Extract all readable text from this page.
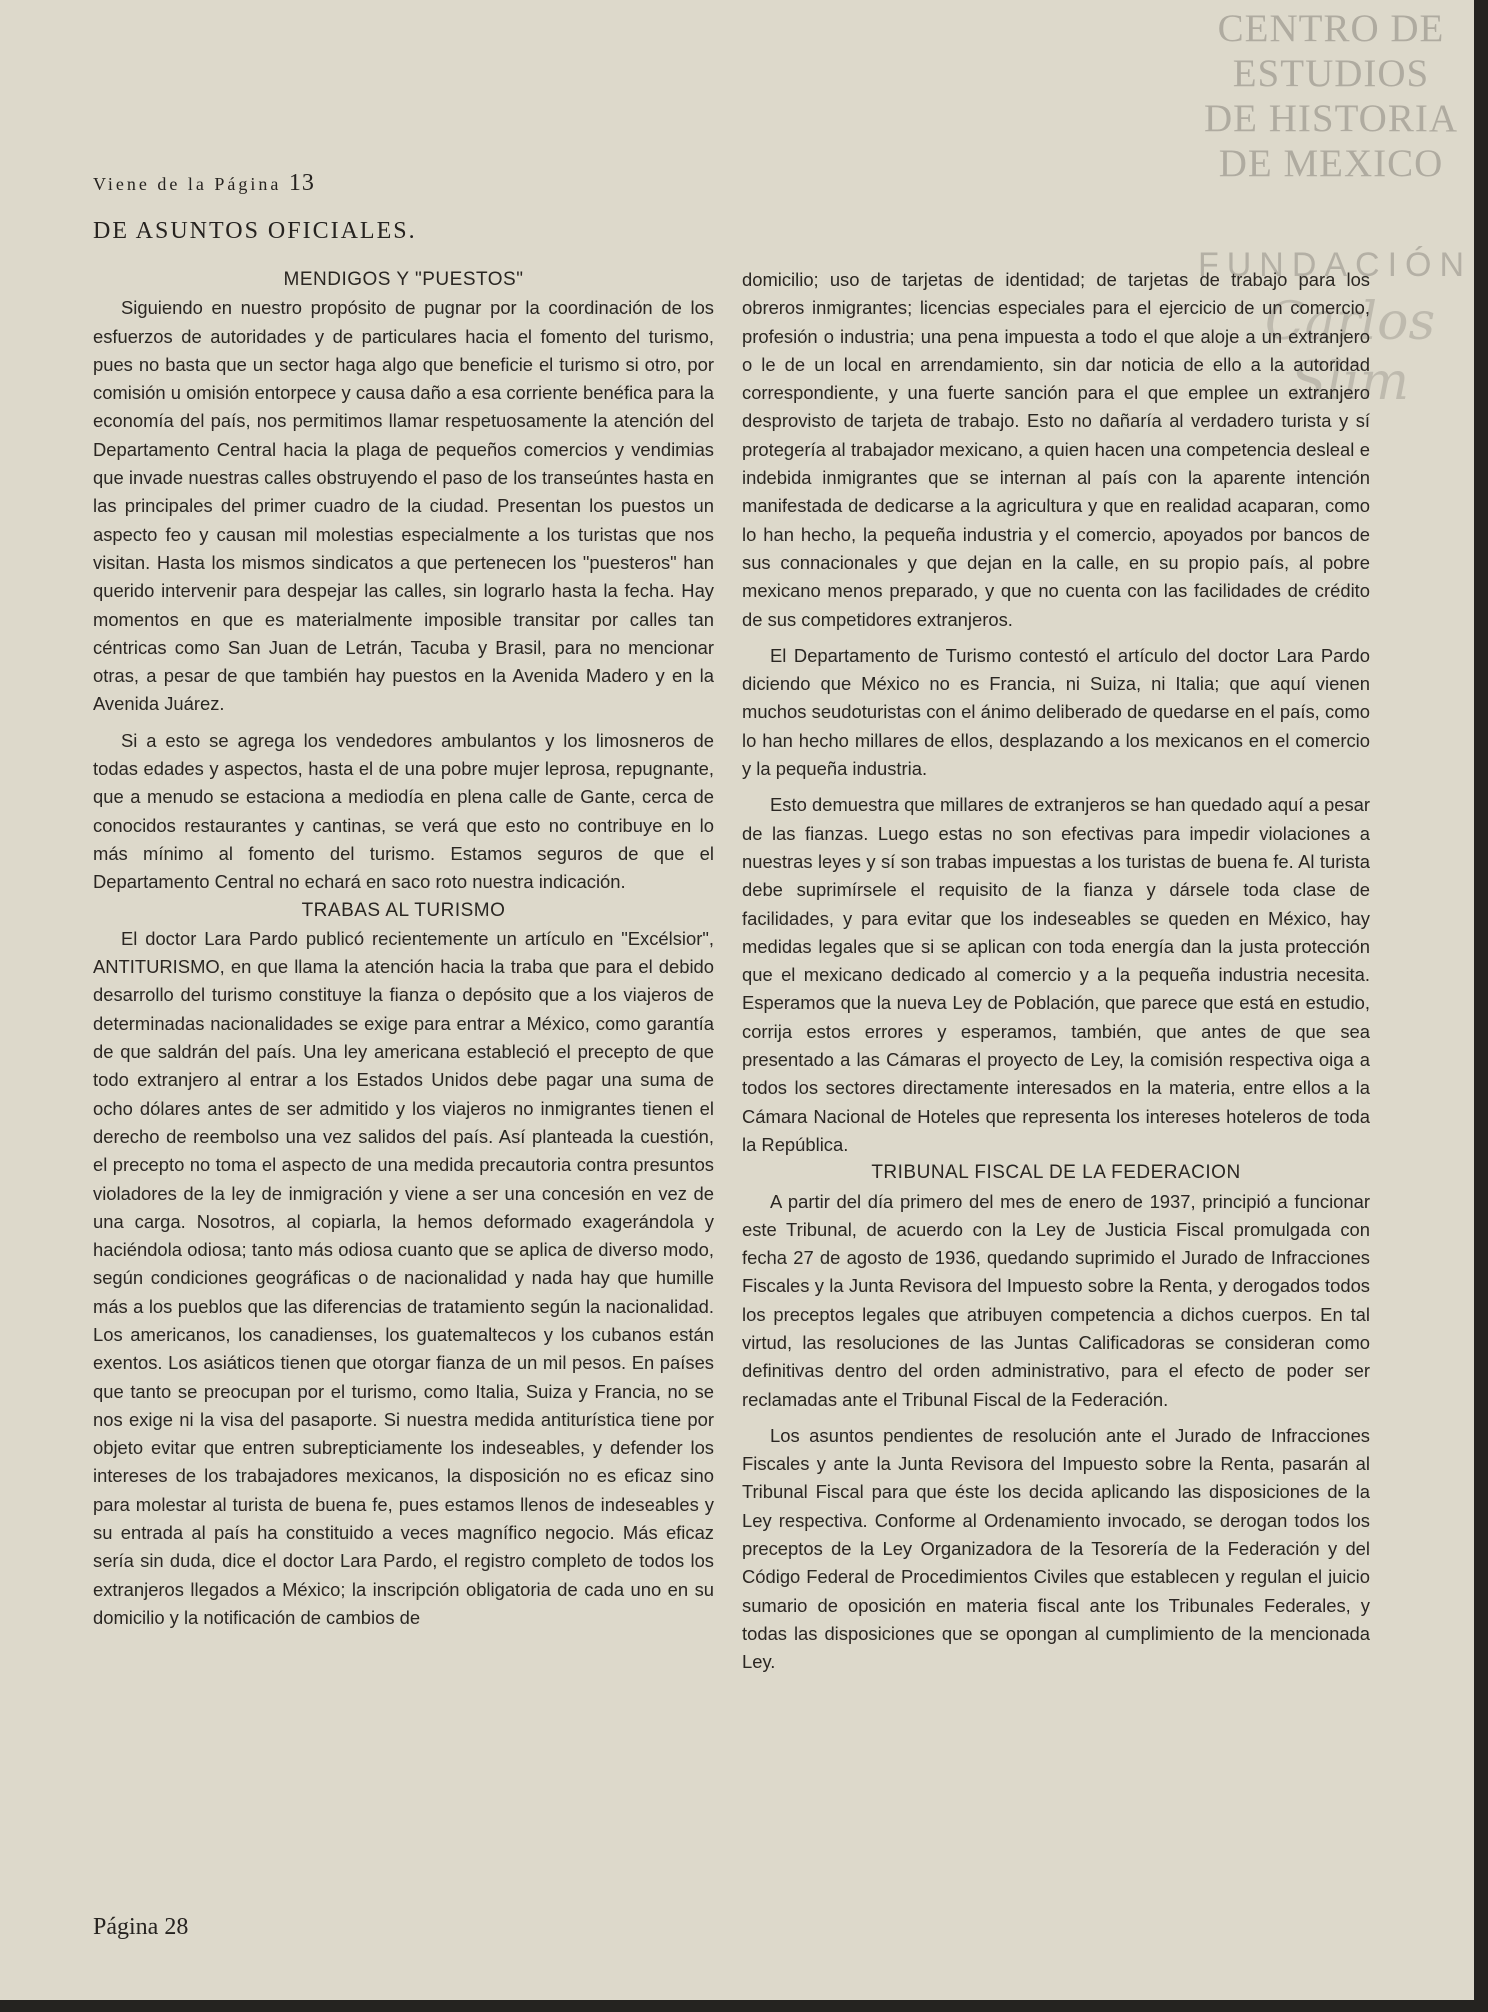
CENTRO DE
ESTUDIOS
DE HISTORIA
DE MEXICO
FUNDACIÓN
Carlos Slim
Viene de la Página 13
DE ASUNTOS OFICIALES.
MENDIGOS Y "PUESTOS"

Siguiendo en nuestro propósito de pugnar por la coordinación de los esfuerzos de autoridades y de particulares hacia el fomento del turismo, pues no basta que un sector haga algo que beneficie el turismo si otro, por comisión u omisión entorpece y causa daño a esa corriente benéfica para la economía del país, nos permitimos llamar respetuosamente la atención del Departamento Central hacia la plaga de pequeños comercios y vendimias que invade nuestras calles obstruyendo el paso de los transeúntes hasta en las principales del primer cuadro de la ciudad. Presentan los puestos un aspecto feo y causan mil molestias especialmente a los turistas que nos visitan. Hasta los mismos sindicatos a que pertenecen los "puesteros" han querido intervenir para despejar las calles, sin lograrlo hasta la fecha. Hay momentos en que es materialmente imposible transitar por calles tan céntricas como San Juan de Letrán, Tacuba y Brasil, para no mencionar otras, a pesar de que también hay puestos en la Avenida Madero y en la Avenida Juárez.

Si a esto se agrega los vendedores ambulantos y los limosneros de todas edades y aspectos, hasta el de una pobre mujer leprosa, repugnante, que a menudo se estaciona a mediodía en plena calle de Gante, cerca de conocidos restaurantes y cantinas, se verá que esto no contribuye en lo más mínimo al fomento del turismo. Estamos seguros de que el Departamento Central no echará en saco roto nuestra indicación.

TRABAS AL TURISMO

El doctor Lara Pardo publicó recientemente un artículo en "Excélsior", ANTITURISMO, en que llama la atención hacia la traba que para el debido desarrollo del turismo constituye la fianza o depósito que a los viajeros de determinadas nacionalidades se exige para entrar a México, como garantía de que saldrán del país. Una ley americana estableció el precepto de que todo extranjero al entrar a los Estados Unidos debe pagar una suma de ocho dólares antes de ser admitido y los viajeros no inmigrantes tienen el derecho de reembolso una vez salidos del país. Así planteada la cuestión, el precepto no toma el aspecto de una medida precautoria contra presuntos violadores de la ley de inmigración y viene a ser una concesión en vez de una carga. Nosotros, al copiarla, la hemos deformado exagerándola y haciéndola odiosa; tanto más odiosa cuanto que se aplica de diverso modo, según condiciones geográficas o de nacionalidad y nada hay que humille más a los pueblos que las diferencias de tratamiento según la nacionalidad. Los americanos, los canadienses, los guatemaltecos y los cubanos están exentos. Los asiáticos tienen que otorgar fianza de un mil pesos. En países que tanto se preocupan por el turismo, como Italia, Suiza y Francia, no se nos exige ni la visa del pasaporte. Si nuestra medida antiturística tiene por objeto evitar que entren subrepticiamente los indeseables, y defender los intereses de los trabajadores mexicanos, la disposición no es eficaz sino para molestar al turista de buena fe, pues estamos llenos de indeseables y su entrada al país ha constituido a veces magnífico negocio. Más eficaz sería sin duda, dice el doctor Lara Pardo, el registro completo de todos los extranjeros llegados a México; la inscripción obligatoria de cada uno en su domicilio y la notificación de cambios de

domicilio; uso de tarjetas de identidad; de tarjetas de trabajo para los obreros inmigrantes; licencias especiales para el ejercicio de un comercio, profesión o industria; una pena impuesta a todo el que aloje a un extranjero o le de un local en arrendamiento, sin dar noticia de ello a la autoridad correspondiente, y una fuerte sanción para el que emplee un extranjero desprovisto de tarjeta de trabajo. Esto no dañaría al verdadero turista y sí protegería al trabajador mexicano, a quien hacen una competencia desleal e indebida inmigrantes que se internan al país con la aparente intención manifestada de dedicarse a la agricultura y que en realidad acaparan, como lo han hecho, la pequeña industria y el comercio, apoyados por bancos de sus connacionales y que dejan en la calle, en su propio país, al pobre mexicano menos preparado, y que no cuenta con las facilidades de crédito de sus competidores extranjeros.

El Departamento de Turismo contestó el artículo del doctor Lara Pardo diciendo que México no es Francia, ni Suiza, ni Italia; que aquí vienen muchos seudoturistas con el ánimo deliberado de quedarse en el país, como lo han hecho millares de ellos, desplazando a los mexicanos en el comercio y la pequeña industria.

Esto demuestra que millares de extranjeros se han quedado aquí a pesar de las fianzas. Luego estas no son efectivas para impedir violaciones a nuestras leyes y sí son trabas impuestas a los turistas de buena fe. Al turista debe suprimírsele el requisito de la fianza y dársele toda clase de facilidades, y para evitar que los indeseables se queden en México, hay medidas legales que si se aplican con toda energía dan la justa protección que el mexicano dedicado al comercio y a la pequeña industria necesita. Esperamos que la nueva Ley de Población, que parece que está en estudio, corrija estos errores y esperamos, también, que antes de que sea presentado a las Cámaras el proyecto de Ley, la comisión respectiva oiga a todos los sectores directamente interesados en la materia, entre ellos a la Cámara Nacional de Hoteles que representa los intereses hoteleros de toda la República.

TRIBUNAL FISCAL DE LA FEDERACION

A partir del día primero del mes de enero de 1937, principió a funcionar este Tribunal, de acuerdo con la Ley de Justicia Fiscal promulgada con fecha 27 de agosto de 1936, quedando suprimido el Jurado de Infracciones Fiscales y la Junta Revisora del Impuesto sobre la Renta, y derogados todos los preceptos legales que atribuyen competencia a dichos cuerpos. En tal virtud, las resoluciones de las Juntas Calificadoras se consideran como definitivas dentro del orden administrativo, para el efecto de poder ser reclamadas ante el Tribunal Fiscal de la Federación.

Los asuntos pendientes de resolución ante el Jurado de Infracciones Fiscales y ante la Junta Revisora del Impuesto sobre la Renta, pasarán al Tribunal Fiscal para que éste los decida aplicando las disposiciones de la Ley respectiva. Conforme al Ordenamiento invocado, se derogan todos los preceptos de la Ley Organizadora de la Tesorería de la Federación y del Código Federal de Procedimientos Civiles que establecen y regulan el juicio sumario de oposición en materia fiscal ante los Tribunales Federales, y todas las disposiciones que se opongan al cumplimiento de la mencionada Ley.

Página 28
